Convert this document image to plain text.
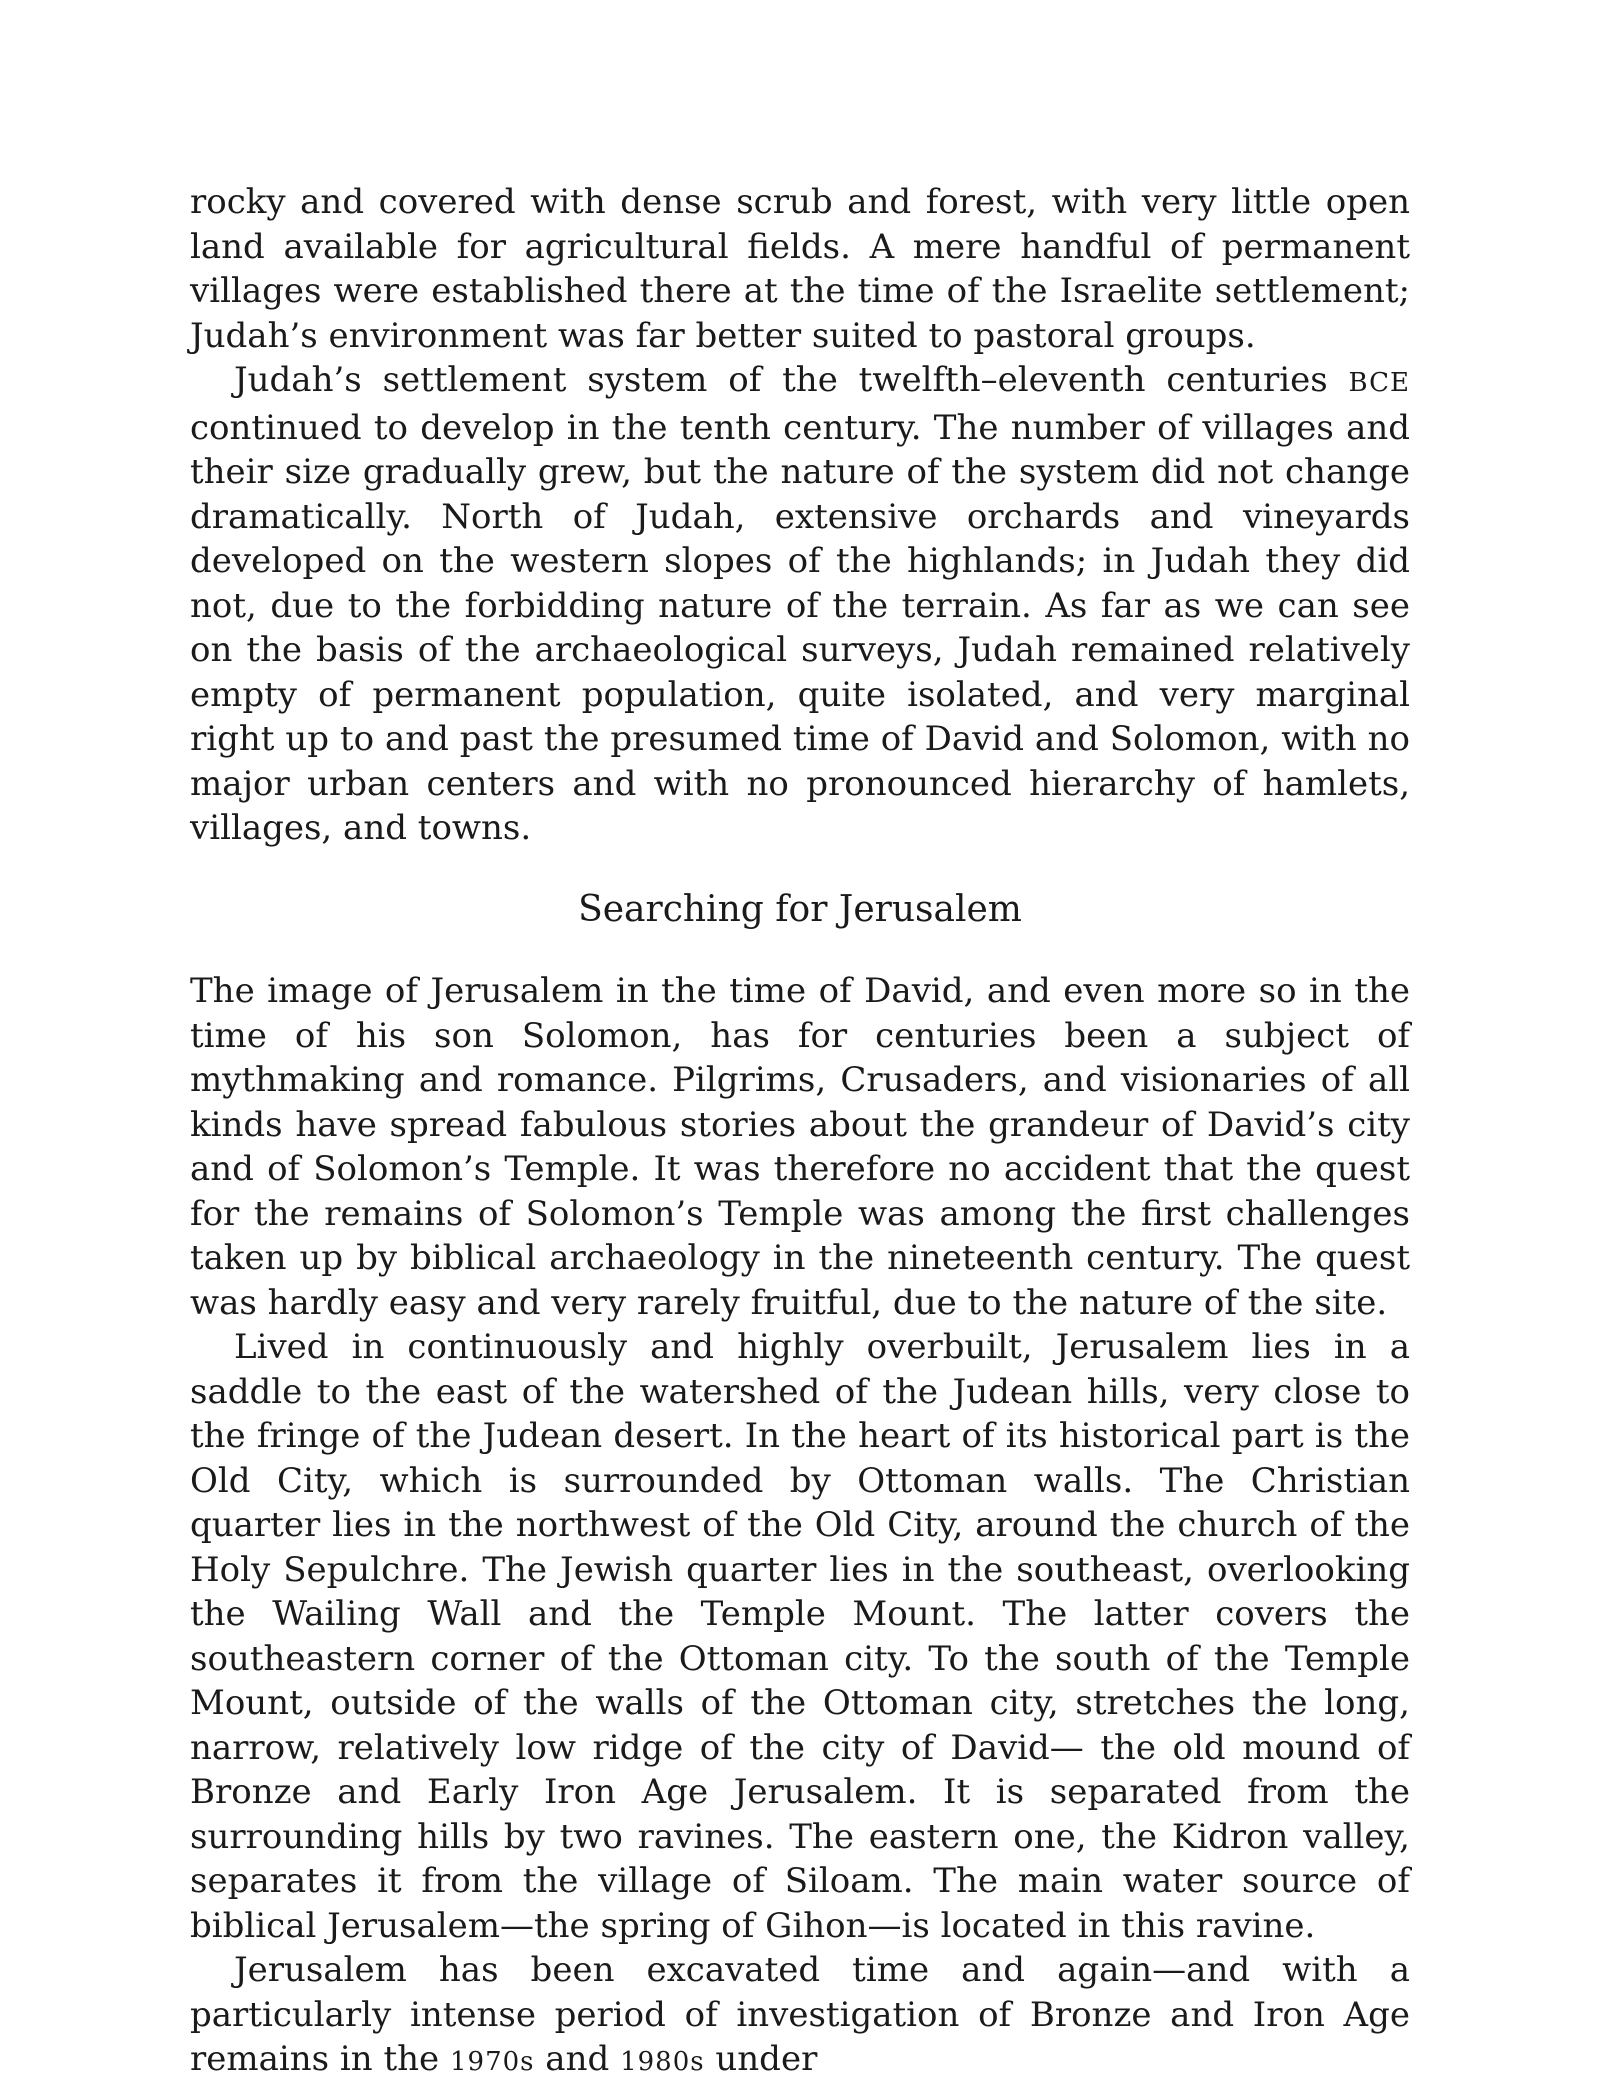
rocky and covered with dense scrub and forest, with very little open land available for agricultural fields. A mere handful of permanent villages were established there at the time of the Israelite settlement; Judah’s environment was far better suited to pastoral groups.

Judah’s settlement system of the twelfth–eleventh centuries BCE continued to develop in the tenth century. The number of villages and their size gradually grew, but the nature of the system did not change dramatically. North of Judah, extensive orchards and vineyards developed on the western slopes of the highlands; in Judah they did not, due to the forbidding nature of the terrain. As far as we can see on the basis of the archaeological surveys, Judah remained relatively empty of permanent population, quite isolated, and very marginal right up to and past the presumed time of David and Solomon, with no major urban centers and with no pronounced hierarchy of hamlets, villages, and towns.

Searching for Jerusalem

The image of Jerusalem in the time of David, and even more so in the time of his son Solomon, has for centuries been a subject of mythmaking and romance. Pilgrims, Crusaders, and visionaries of all kinds have spread fabulous stories about the grandeur of David’s city and of Solomon’s Temple. It was therefore no accident that the quest for the remains of Solomon’s Temple was among the first challenges taken up by biblical archaeology in the nineteenth century. The quest was hardly easy and very rarely fruitful, due to the nature of the site.

Lived in continuously and highly overbuilt, Jerusalem lies in a saddle to the east of the watershed of the Judean hills, very close to the fringe of the Judean desert. In the heart of its historical part is the Old City, which is surrounded by Ottoman walls. The Christian quarter lies in the northwest of the Old City, around the church of the Holy Sepulchre. The Jewish quarter lies in the southeast, overlooking the Wailing Wall and the Temple Mount. The latter covers the southeastern corner of the Ottoman city. To the south of the Temple Mount, outside of the walls of the Ottoman city, stretches the long, narrow, relatively low ridge of the city of David— the old mound of Bronze and Early Iron Age Jerusalem. It is separated from the surrounding hills by two ravines. The eastern one, the Kidron valley, separates it from the village of Siloam. The main water source of biblical Jerusalem—the spring of Gihon—is located in this ravine.

Jerusalem has been excavated time and again—and with a particularly intense period of investigation of Bronze and Iron Age remains in the 1970s and 1980s under
